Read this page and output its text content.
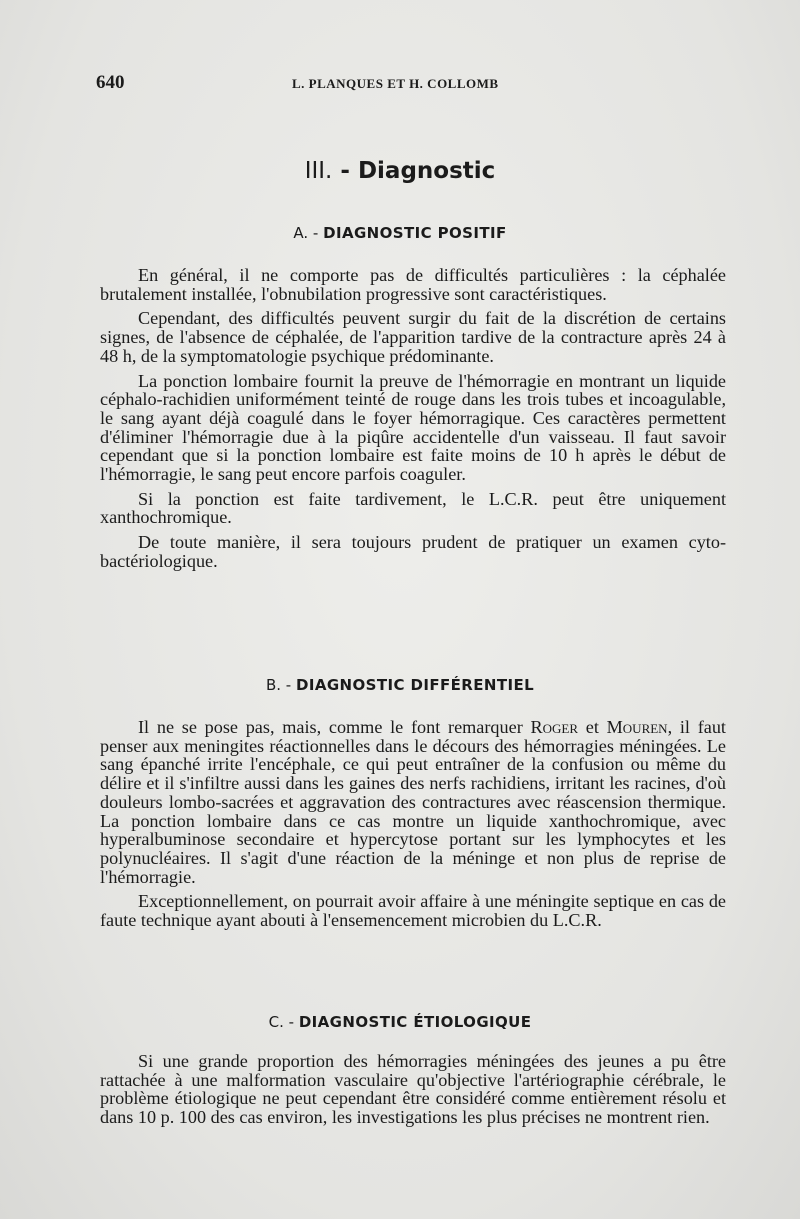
640	L. PLANQUES ET H. COLLOMB
III. - Diagnostic
A. - DIAGNOSTIC POSITIF

En général, il ne comporte pas de difficultés particulières : la céphalée brutalement installée, l'obnubilation progressive sont caractéristiques.

Cependant, des difficultés peuvent surgir du fait de la discrétion de certains signes, de l'absence de céphalée, de l'apparition tardive de la contracture après 24 à 48 h, de la symptomatologie psychique prédominante.

La ponction lombaire fournit la preuve de l'hémorragie en montrant un liquide céphalo-rachidien uniformément teinté de rouge dans les trois tubes et incoagulable, le sang ayant déjà coagulé dans le foyer hémorragique. Ces caractères permettent d'éliminer l'hémorragie due à la piqûre accidentelle d'un vaisseau. Il faut savoir cependant que si la ponction lombaire est faite moins de 10 h après le début de l'hémorragie, le sang peut encore parfois coaguler.

Si la ponction est faite tardivement, le L.C.R. peut être uniquement xanthochromique.

De toute manière, il sera toujours prudent de pratiquer un examen cyto-bactériologique.

B. - DIAGNOSTIC DIFFÉRENTIEL

Il ne se pose pas, mais, comme le font remarquer Roger et Mouren, il faut penser aux meningites réactionnelles dans le décours des hémorragies méningées. Le sang épanché irrite l'encéphale, ce qui peut entraîner de la confusion ou même du délire et il s'infiltre aussi dans les gaines des nerfs rachidiens, irritant les racines, d'où douleurs lombo-sacrées et aggravation des contractures avec réascension thermique. La ponction lombaire dans ce cas montre un liquide xanthochromique, avec hyperalbuminose secondaire et hypercytose portant sur les lymphocytes et les polynucléaires. Il s'agit d'une réaction de la méninge et non plus de reprise de l'hémorragie.

Exceptionnellement, on pourrait avoir affaire à une méningite septique en cas de faute technique ayant abouti à l'ensemencement microbien du L.C.R.

C. - DIAGNOSTIC ÉTIOLOGIQUE

Si une grande proportion des hémorragies méningées des jeunes a pu être rattachée à une malformation vasculaire qu'objective l'artériographie cérébrale, le problème étiologique ne peut cependant être considéré comme entièrement résolu et dans 10 p. 100 des cas environ, les investigations les plus précises ne montrent rien.
